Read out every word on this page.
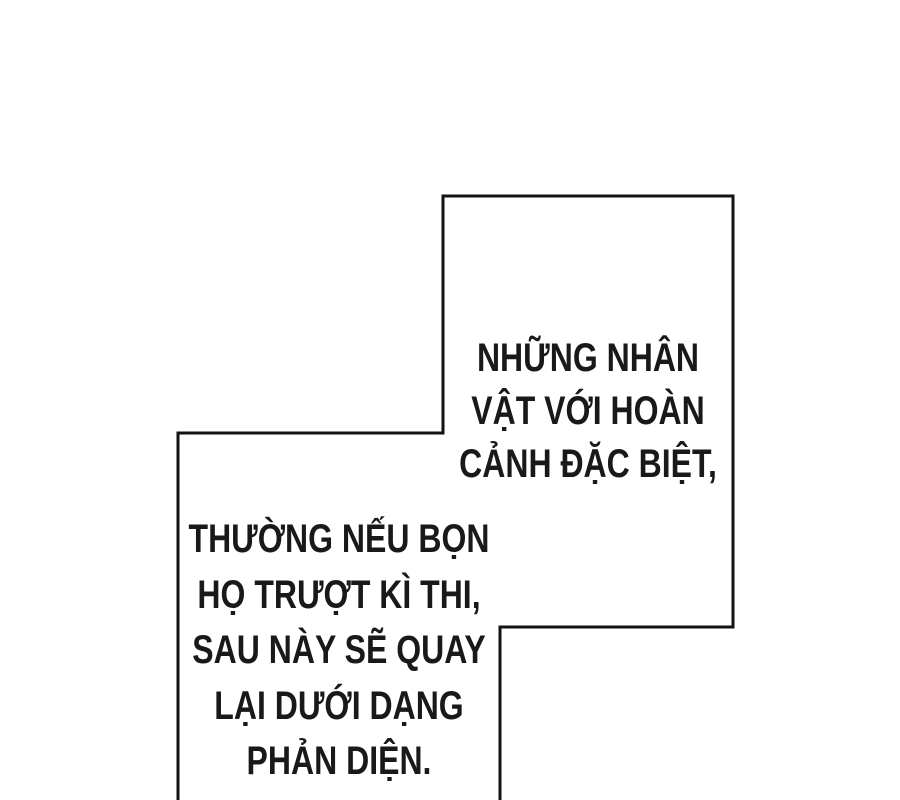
NHỮNG NHÂN
VẬT VỚI HOÀN
CẢNH ĐẶC BIỆT,
THƯỜNG NẾU BỌN
HỌ TRƯỢT KÌ THI,
SAU NÀY SẼ QUAY
LẠI DƯỚI DẠNG
PHẢN DIỆN.
